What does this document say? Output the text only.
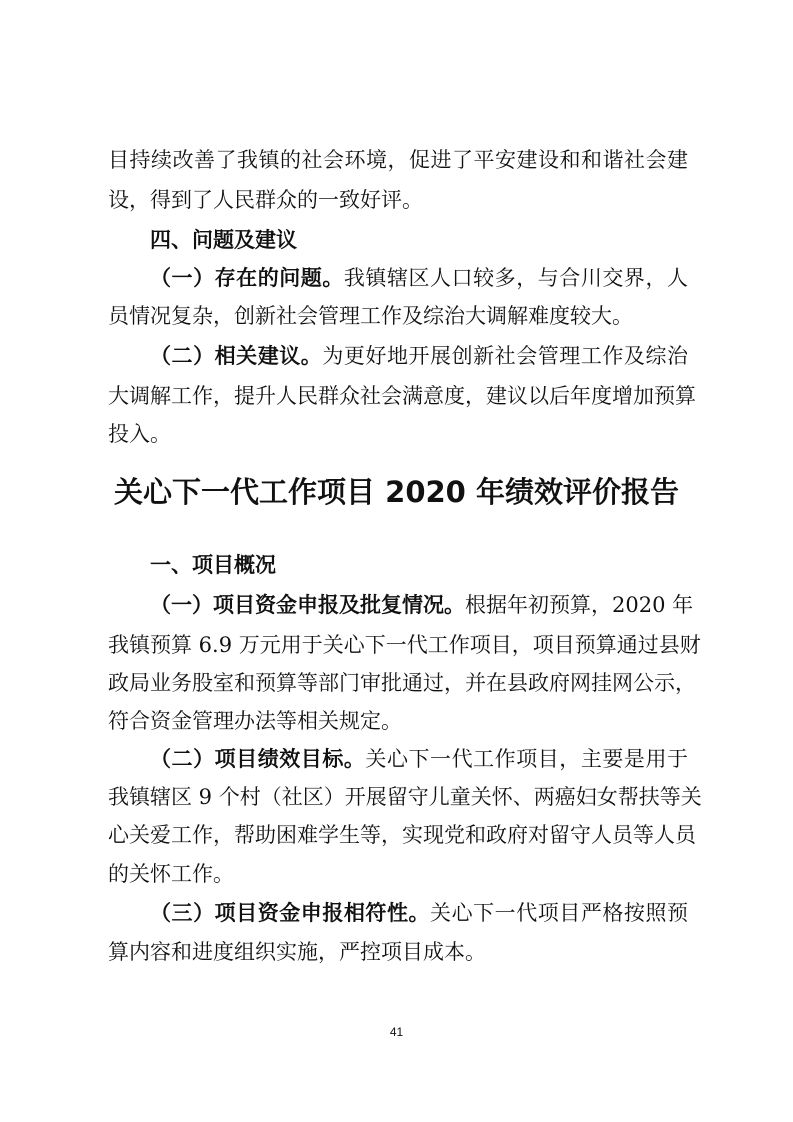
目持续改善了我镇的社会环境，促进了平安建设和和谐社会建
设，得到了人民群众的一致好评。
四、问题及建议
（一）存在的问题。我镇辖区人口较多，与合川交界，人
员情况复杂，创新社会管理工作及综治大调解难度较大。
（二）相关建议。为更好地开展创新社会管理工作及综治
大调解工作，提升人民群众社会满意度，建议以后年度增加预算
投入。
关心下一代工作项目 2020 年绩效评价报告
一、项目概况
（一）项目资金申报及批复情况。根据年初预算，2020 年
我镇预算 6.9 万元用于关心下一代工作项目，项目预算通过县财
政局业务股室和预算等部门审批通过，并在县政府网挂网公示，
符合资金管理办法等相关规定。
（二）项目绩效目标。关心下一代工作项目，主要是用于
我镇辖区 9 个村（社区）开展留守儿童关怀、两癌妇女帮扶等关
心关爱工作，帮助困难学生等，实现党和政府对留守人员等人员
的关怀工作。
（三）项目资金申报相符性。关心下一代项目严格按照预
算内容和进度组织实施，严控项目成本。
41
